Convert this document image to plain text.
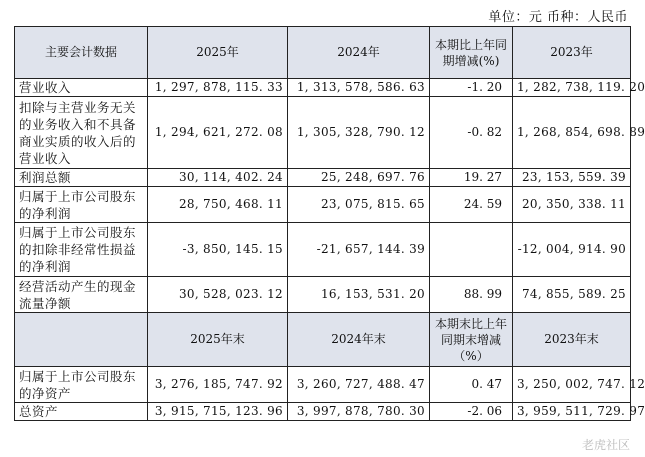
单位：元 币种：人民币
主要会计数据	2025年	2024年	本期比上年同期增减(%)	2023年
营业收入	1, 297, 878, 115. 33	1, 313, 578, 586. 63	-1. 20	1, 282, 738, 119. 20
扣除与主营业务无关的业务收入和不具备商业实质的收入后的营业收入	1, 294, 621, 272. 08	1, 305, 328, 790. 12	-0. 82	1, 268, 854, 698. 89
利润总额	30, 114, 402. 24	25, 248, 697. 76	19. 27	23, 153, 559. 39
归属于上市公司股东的净利润	28, 750, 468. 11	23, 075, 815. 65	24. 59	20, 350, 338. 11
归属于上市公司股东的扣除非经常性损益的净利润	-3, 850, 145. 15	-21, 657, 144. 39		-12, 004, 914. 90
经营活动产生的现金流量净额	30, 528, 023. 12	16, 153, 531. 20	88. 99	74, 855, 589. 25
	2025年末	2024年末	本期末比上年同期末增减（%）	2023年末
归属于上市公司股东的净资产	3, 276, 185, 747. 92	3, 260, 727, 488. 47	0. 47	3, 250, 002, 747. 12
总资产	3, 915, 715, 123. 96	3, 997, 878, 780. 30	-2. 06	3, 959, 511, 729. 97
老虎社区
